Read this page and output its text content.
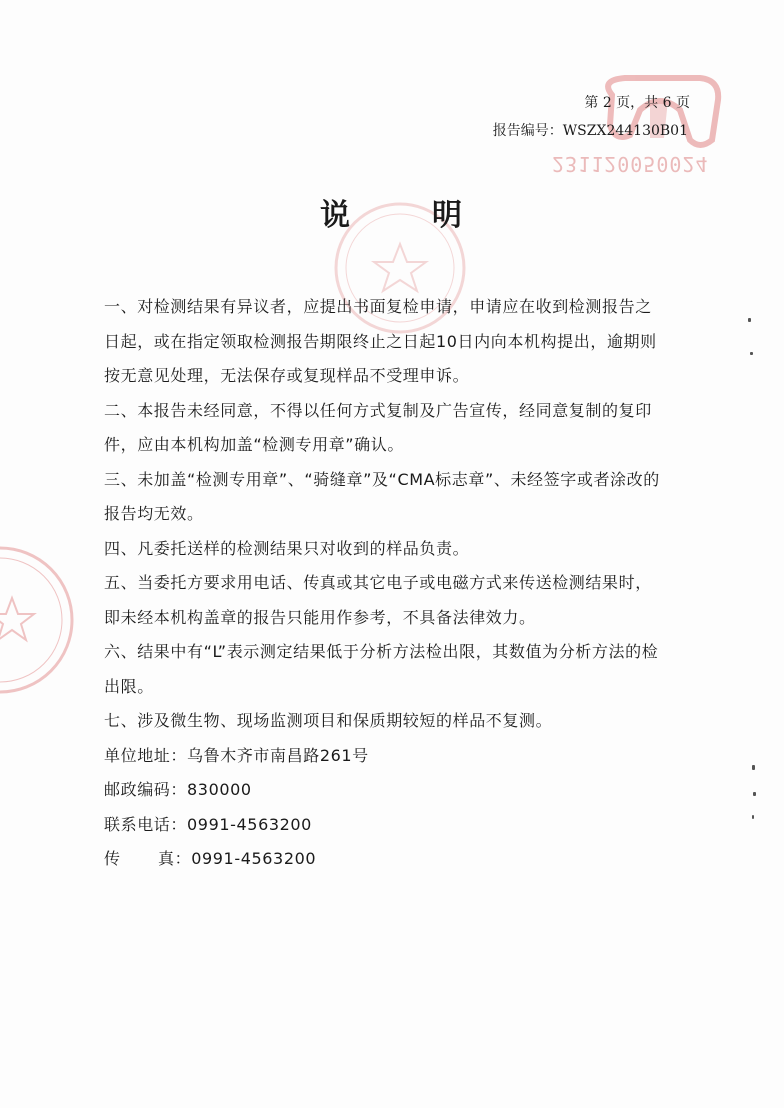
231120050024
第 2 页，共 6 页
报告编号：WSZX244130B01
说	明

一、对检测结果有异议者，应提出书面复检申请，申请应在收到检测报告之日起，或在指定领取检测报告期限终止之日起10日内向本机构提出，逾期则按无意见处理，无法保存或复现样品不受理申诉。

二、本报告未经同意，不得以任何方式复制及广告宣传，经同意复制的复印件，应由本机构加盖“检测专用章”确认。

三、未加盖“检测专用章”、“骑缝章”及“CMA标志章”、未经签字或者涂改的报告均无效。

四、凡委托送样的检测结果只对收到的样品负责。

五、当委托方要求用电话、传真或其它电子或电磁方式来传送检测结果时，即未经本机构盖章的报告只能用作参考，不具备法律效力。

六、结果中有“L”表示测定结果低于分析方法检出限，其数值为分析方法的检出限。

七、涉及微生物、现场监测项目和保质期较短的样品不复测。

单位地址：乌鲁木齐市南昌路261号
邮政编码：830000
联系电话：0991-4563200
传 真：0991-4563200
